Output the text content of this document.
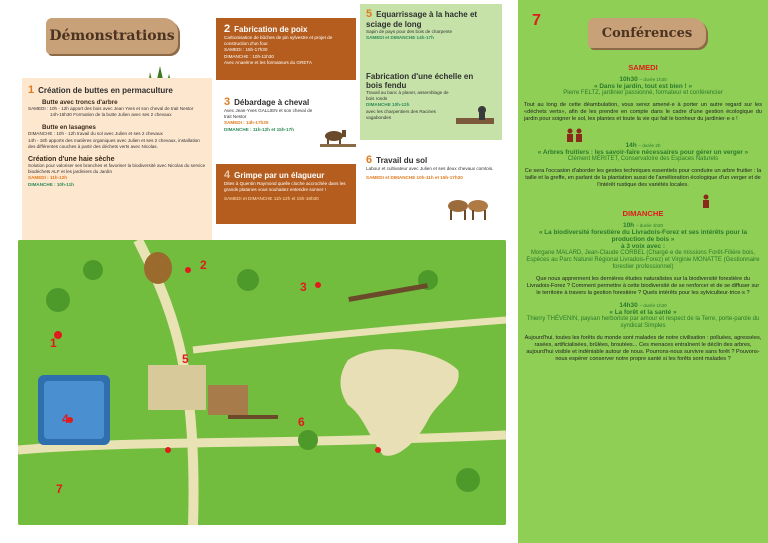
Démonstrations
1 Création de buttes en permaculture
Butte avec troncs d'arbre
SAMEDI : 10h - 12h apport des bois avec Jean Yves et son cheval de trait Nestor
14h-15h30 Formation de la butte Julien avec ses 2 chevaux
Butte en lasagnes
DIMANCHE : 10h - 12h travail du sol avec Julien et ses 2 chevaux
14h - 16h apports des matières organiques avec Julien et ses 2 chevaux, installation des différentes couches à partir des déchets verts avec Nicolas.
Création d'une haie sèche
Solution pour valoriser ses branches et favoriser la biodiversité avec Nicolas du service biodéchets ALF et les jardiniers du Jardin
SAMEDI : 11h-12h
DIMANCHE : 10h-11h
2 Fabrication de poix
Carbonisation de bûches de pin sylvestre et projet de construction d'un four.
SAMEDI : 15h-17h30
DIMANCHE : 10h-11h30
Avec Anaelme et les formateurs du GRETA
3 Débardage à cheval
Avec Jean-Yves GALLIEN et son cheval de trait Nestor
SAMEDI : 14h-17h30
DIMANCHE : 11h-12h et 15h-17h
4 Grimpe par un élagueur
Dites à Quentin Raymond quelle cloche accrochée dans les grands platanes vous souhaitez entendre sonner !
SAMEDI et DIMANCHE 11h-12h et 15h-16h30
5 Equarrissage à la hache et sciage de long
Sapin de pays pour des bois de charpente
SAMEDI et DIMANCHE 14h-17h
Fabrication d'une échelle en bois fendu
Travail au banc à planer, assemblage de bois ronds
DIMANCHE 10h-12h
avec les charpentiers des Racines vagabondes
6 Travail du sol
Labour et cultivateur avec Julien et ses deux chevaux comtois.
SAMEDI et DIMANCHE 10h-11h et 16h-17h30
2
3
1
5
4	6
7
7
Conférences
SAMEDI
10h30 – durée 1h30
« Dans le jardin, tout est bien ! »
Pierre FELTZ, jardinier passionné, formateur et conférencier
Tout au long de cette déambulation, vous serez amené·e à porter un autre regard sur les «déchets verts», afin de les prendre en compte dans le cadre d'une gestion écologique du jardin pour soigner le sol, les plantes et toute la vie qui fait le bonheur du jardinier·e·s !
14h – durée 2h
« Arbres fruitiers : les savoir-faire nécessaires pour gérer un verger »
Clément MÉRITET, Conservatoire des Espaces Naturels
Ce sera l'occasion d'aborder les gestes techniques essentiels pour conduire un arbre fruitier : la taille et la greffe, en parlant de la plantation aussi de l'amélioration écologique d'un verger et de l'intérêt rustique des variétés locales.
DIMANCHE
10h – durée 1h30
« La biodiversité forestière du Livradois-Forez et ses intérêts pour la production de bois »
à 3 voix avec :
Morgane MALARD, Jean-Claude CORBEL (Chargé·e de missions Forêt-Filière bois, Espèces au Parc Naturel Régional Livradois-Forez) et Virginie MONATTE (Gestionnaire forestier professionnel)
Que nous apprennent les dernières études naturalistes sur la biodiversité forestière du Livradois-Forez ? Comment permettre à cette biodiversité de se renforcer et de se diffuser sur le territoire à travers la gestion forestière ? Quels intérêts pour les sylviculteur·trice·s ?
14h30 – durée 1h30
« La forêt et la santé »
Thierry THÉVENIN, paysan herboriste par amour et respect de la Terre, porte-parole du syndicat Simples
Aujourd'hui, toutes les forêts du monde sont malades de notre civilisation : polluées, agressées, rasées, artificialisées, brûlées, broutées... Ces menaces entraînent le déclin des arbres, aujourd'hui visible et indéniable autour de nous. Pourrons-nous survivre sans forêt ? Pouvons-nous espérer conserver notre propre santé si les forêts sont malades ?
